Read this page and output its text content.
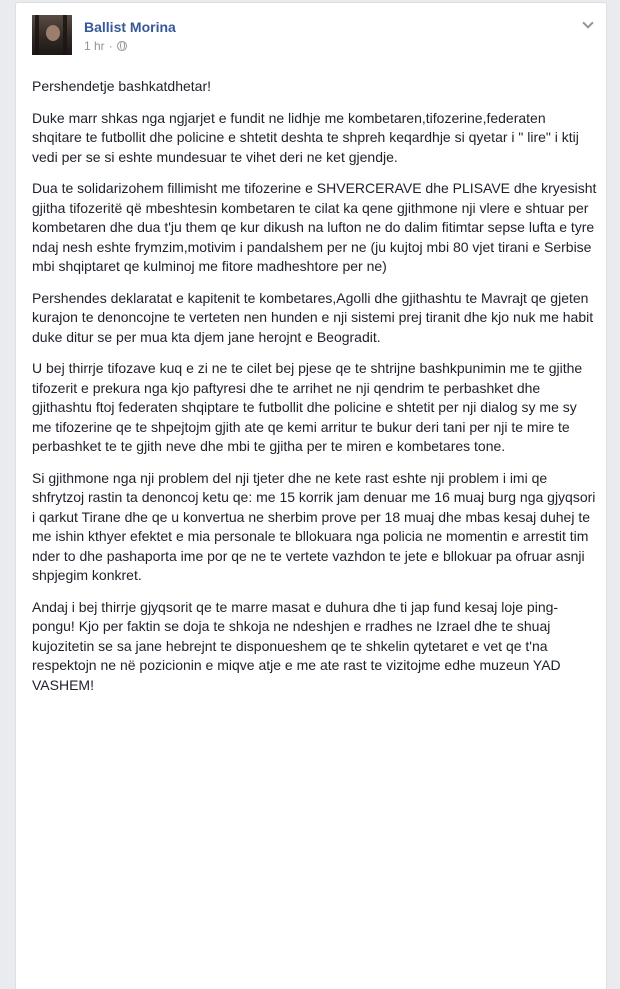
Ballist Morina
1 hr ·

Pershendetje bashkatdhetar!

Duke marr shkas nga ngjarjet e fundit ne lidhje me kombetaren,tifozerine,federaten shqitare te futbollit dhe policine e shtetit deshta te shpreh keqardhje si qyetar i " lire" i ktij vedi per se si eshte mundesuar te vihet deri ne ket gjendje.

Dua te solidarizohem fillimisht me tifozerine e SHVERCERAVE dhe PLISAVE dhe kryesisht gjitha tifozeritë që mbeshtesin kombetaren te cilat ka qene gjithmone nji vlere e shtuar per kombetaren dhe dua t'ju them qe kur dikush na lufton ne do dalim fitimtar sepse lufta e tyre ndaj nesh eshte frymzim,motivim i pandalshem per ne (ju kujtoj mbi 80 vjet tirani e Serbise mbi shqiptaret qe kulminoj me fitore madheshtore per ne)

Pershendes deklaratat e kapitenit te kombetares,Agolli dhe gjithashtu te Mavrajt qe gjeten kurajon te denoncojne te verteten nen hunden e nji sistemi prej tiranit dhe kjo nuk me habit duke ditur se per mua kta djem jane herojnt e Beogradit.

U bej thirrje tifozave kuq e zi ne te cilet bej pjese qe te shtrijne bashkpunimin me te gjithe tifozerit e prekura nga kjo paftyresi dhe te arrihet ne nji qendrim te perbashket dhe gjithashtu ftoj federaten shqiptare te futbollit dhe policine e shtetit per nji dialog sy me sy me tifozerine qe te shpejtojm gjith ate qe kemi arritur te bukur deri tani per nji te mire te perbashket te te gjith neve dhe mbi te gjitha per te miren e kombetares tone.

Si gjithmone nga nji problem del nji tjeter dhe ne kete rast eshte nji problem i imi qe shfrytzoj rastin ta denoncoj ketu qe: me 15 korrik jam denuar me 16 muaj burg nga gjyqsori i qarkut Tirane dhe qe u konvertua ne sherbim prove per 18 muaj dhe mbas kesaj duhej te me ishin kthyer efektet e mia personale te bllokuara nga policia ne momentin e arrestit tim nder to dhe pashaporta ime por qe ne te vertete vazhdon te jete e bllokuar pa ofruar asnji shpjegim konkret.

Andaj i bej thirrje gjyqsorit qe te marre masat e duhura dhe ti jap fund kesaj loje ping-pongu! Kjo per faktin se doja te shkoja ne ndeshjen e rradhes ne Izrael dhe te shuaj kujozitetin se sa jane hebrejnt te disponueshem qe te shkelin qytetaret e vet qe t'na respektojn ne në pozicionin e miqve atje e me ate rast te vizitojme edhe muzeun YAD VASHEM!
